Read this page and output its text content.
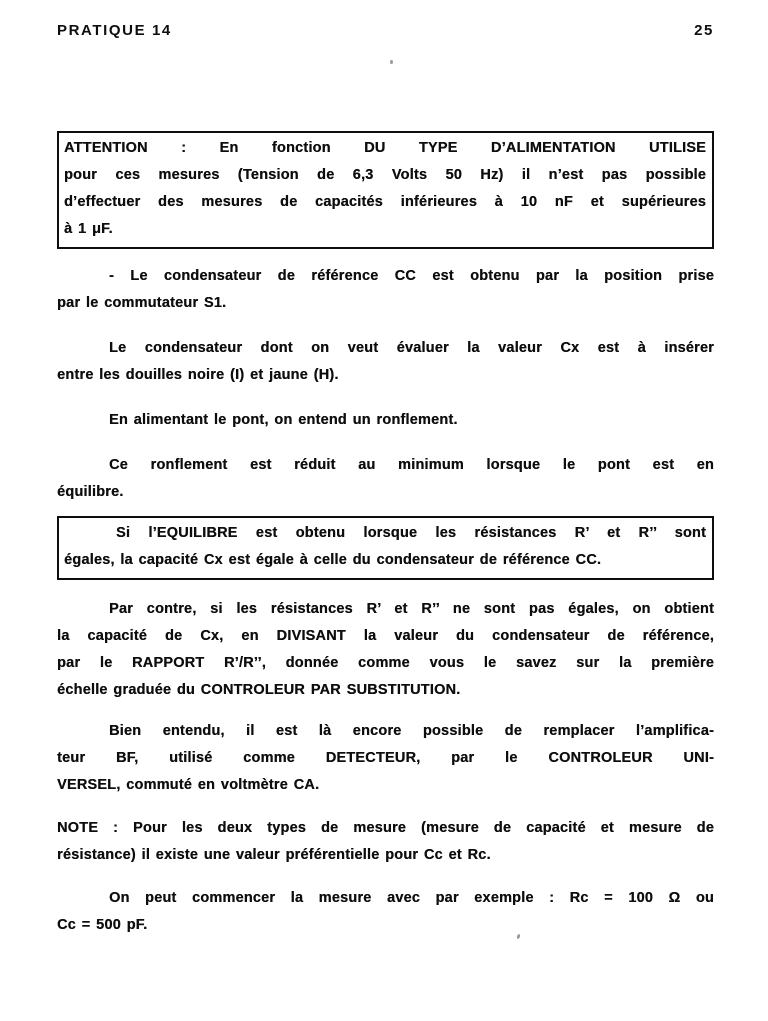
PRATIQUE 14	25
ATTENTION : En fonction DU TYPE D’ALIMENTATION UTILISE
pour ces mesures (Tension de 6,3 Volts 50 Hz) il n’est pas possible
d’effectuer des mesures de capacités inférieures à 10 nF et supérieures
à 1 μF.
- Le condensateur de référence CC est obtenu par la position prise
par le commutateur S1.
Le condensateur dont on veut évaluer la valeur Cx est à insérer
entre les douilles noire (I) et jaune (H).
En alimentant le pont, on entend un ronflement.
Ce ronflement est réduit au minimum lorsque le pont est en
équilibre.
Si l’EQUILIBRE est obtenu lorsque les résistances R’ et R’’ sont
égales, la capacité Cx est égale à celle du condensateur de référence CC.
Par contre, si les résistances R’ et R’’ ne sont pas égales, on obtient
la capacité de Cx, en DIVISANT la valeur du condensateur de référence,
par le RAPPORT R’/R’’, donnée comme vous le savez sur la première
échelle graduée du CONTROLEUR PAR SUBSTITUTION.
Bien entendu, il est là encore possible de remplacer l’amplifica-
teur BF, utilisé comme DETECTEUR, par le CONTROLEUR UNI-
VERSEL, commuté en voltmètre CA.
NOTE : Pour les deux types de mesure (mesure de capacité et mesure de
résistance) il existe une valeur préférentielle pour Cc et Rc.
On peut commencer la mesure avec par exemple : Rc = 100 Ω ou
Cc = 500 pF.
